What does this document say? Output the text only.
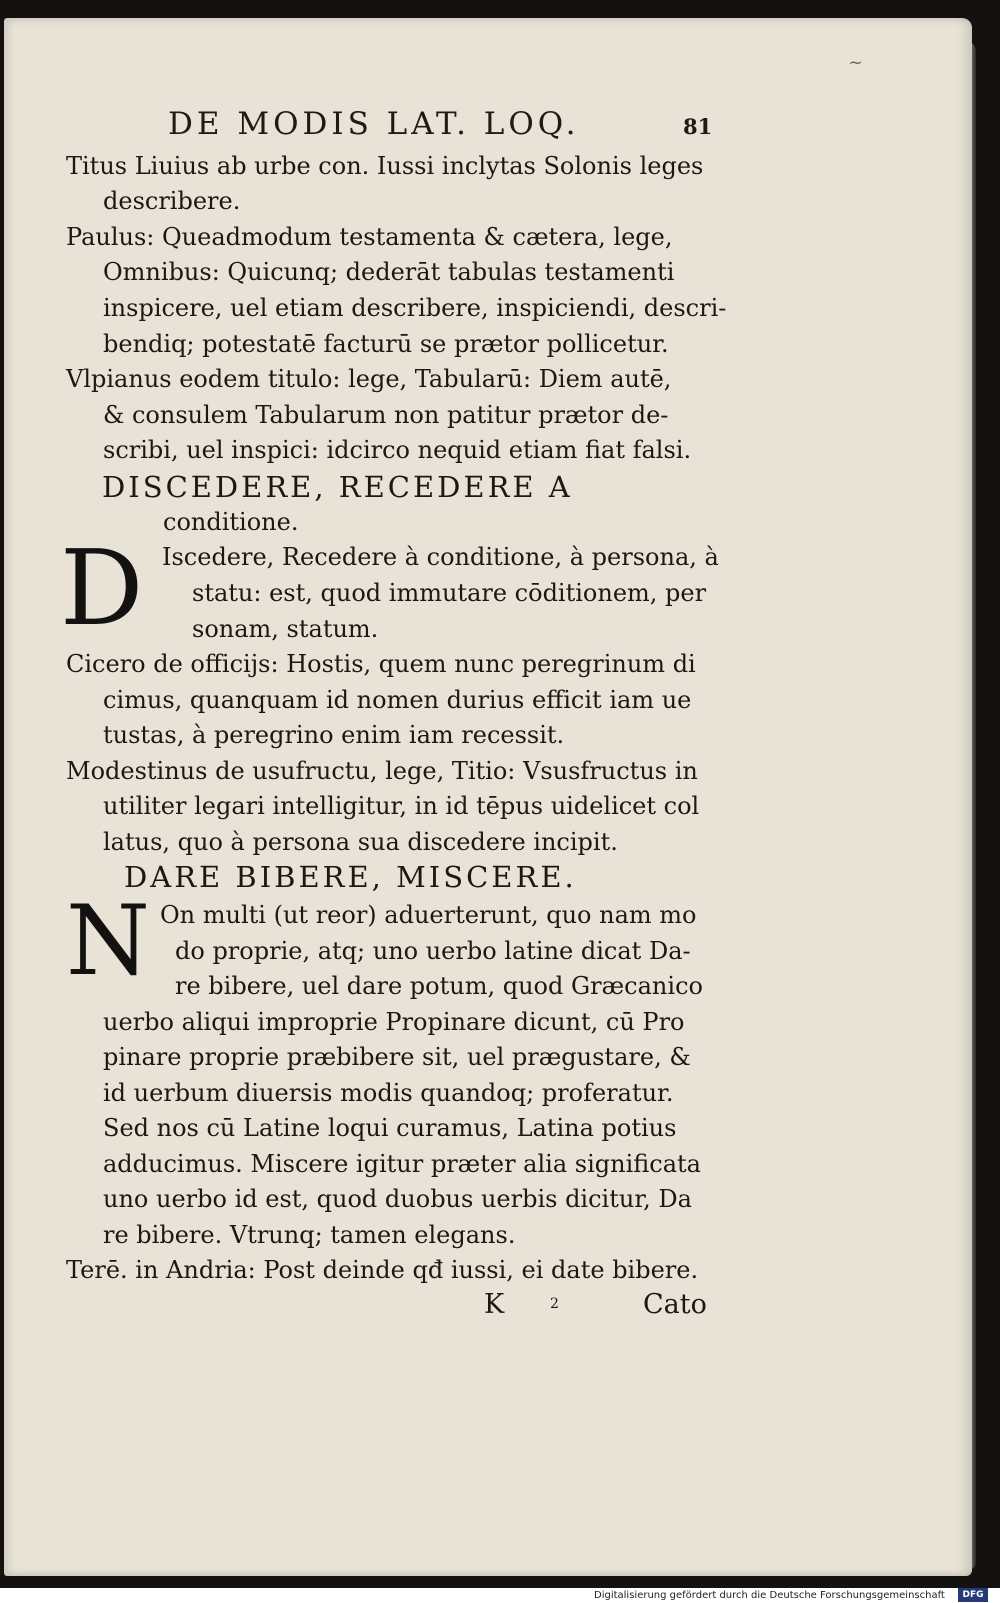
~
DE MODIS LAT. LOQ.	81
Titus Liuius ab urbe con. Iussi inclytas Solonis leges
describere.
Paulus: Queadmodum testamenta & cætera, lege,
Omnibus: Quicunq; dederāt tabulas testamenti
inspicere, uel etiam describere, inspiciendi, descri-
bendiq; potestatē facturū se prætor pollicetur.
Vlpianus eodem titulo: lege, Tabularū: Diem autē,
& consulem Tabularum non patitur prætor de-
scribi, uel inspici: idcirco nequid etiam fiat falsi.
DISCEDERE, RECEDERE A
conditione.
D Iscedere, Recedere à conditione, à persona, à
statu: est, quod immutare cōditionem, per
sonam, statum.
Cicero de officijs: Hostis, quem nunc peregrinum di
cimus, quanquam id nomen durius efficit iam ue
tustas, à peregrino enim iam recessit.
Modestinus de usufructu, lege, Titio: Vsusfructus in
utiliter legari intelligitur, in id tēpus uidelicet col
latus, quo à persona sua discedere incipit.
DARE BIBERE, MISCERE.
N On multi (ut reor) aduerterunt, quo nam mo
do proprie, atq; uno uerbo latine dicat Da-
re bibere, uel dare potum, quod Græcanico
uerbo aliqui improprie Propinare dicunt, cū Pro
pinare proprie præbibere sit, uel prægustare, &
id uerbum diuersis modis quandoq; proferatur.
Sed nos cū Latine loqui curamus, Latina potius
adducimus. Miscere igitur præter alia significata
uno uerbo id est, quod duobus uerbis dicitur, Da
re bibere. Vtrunq; tamen elegans.
Terē. in Andria: Post deinde qđ iussi, ei date bibere.
K	2	Cato
Digitalisierung gefördert durch die Deutsche Forschungsgemeinschaft	DFG
